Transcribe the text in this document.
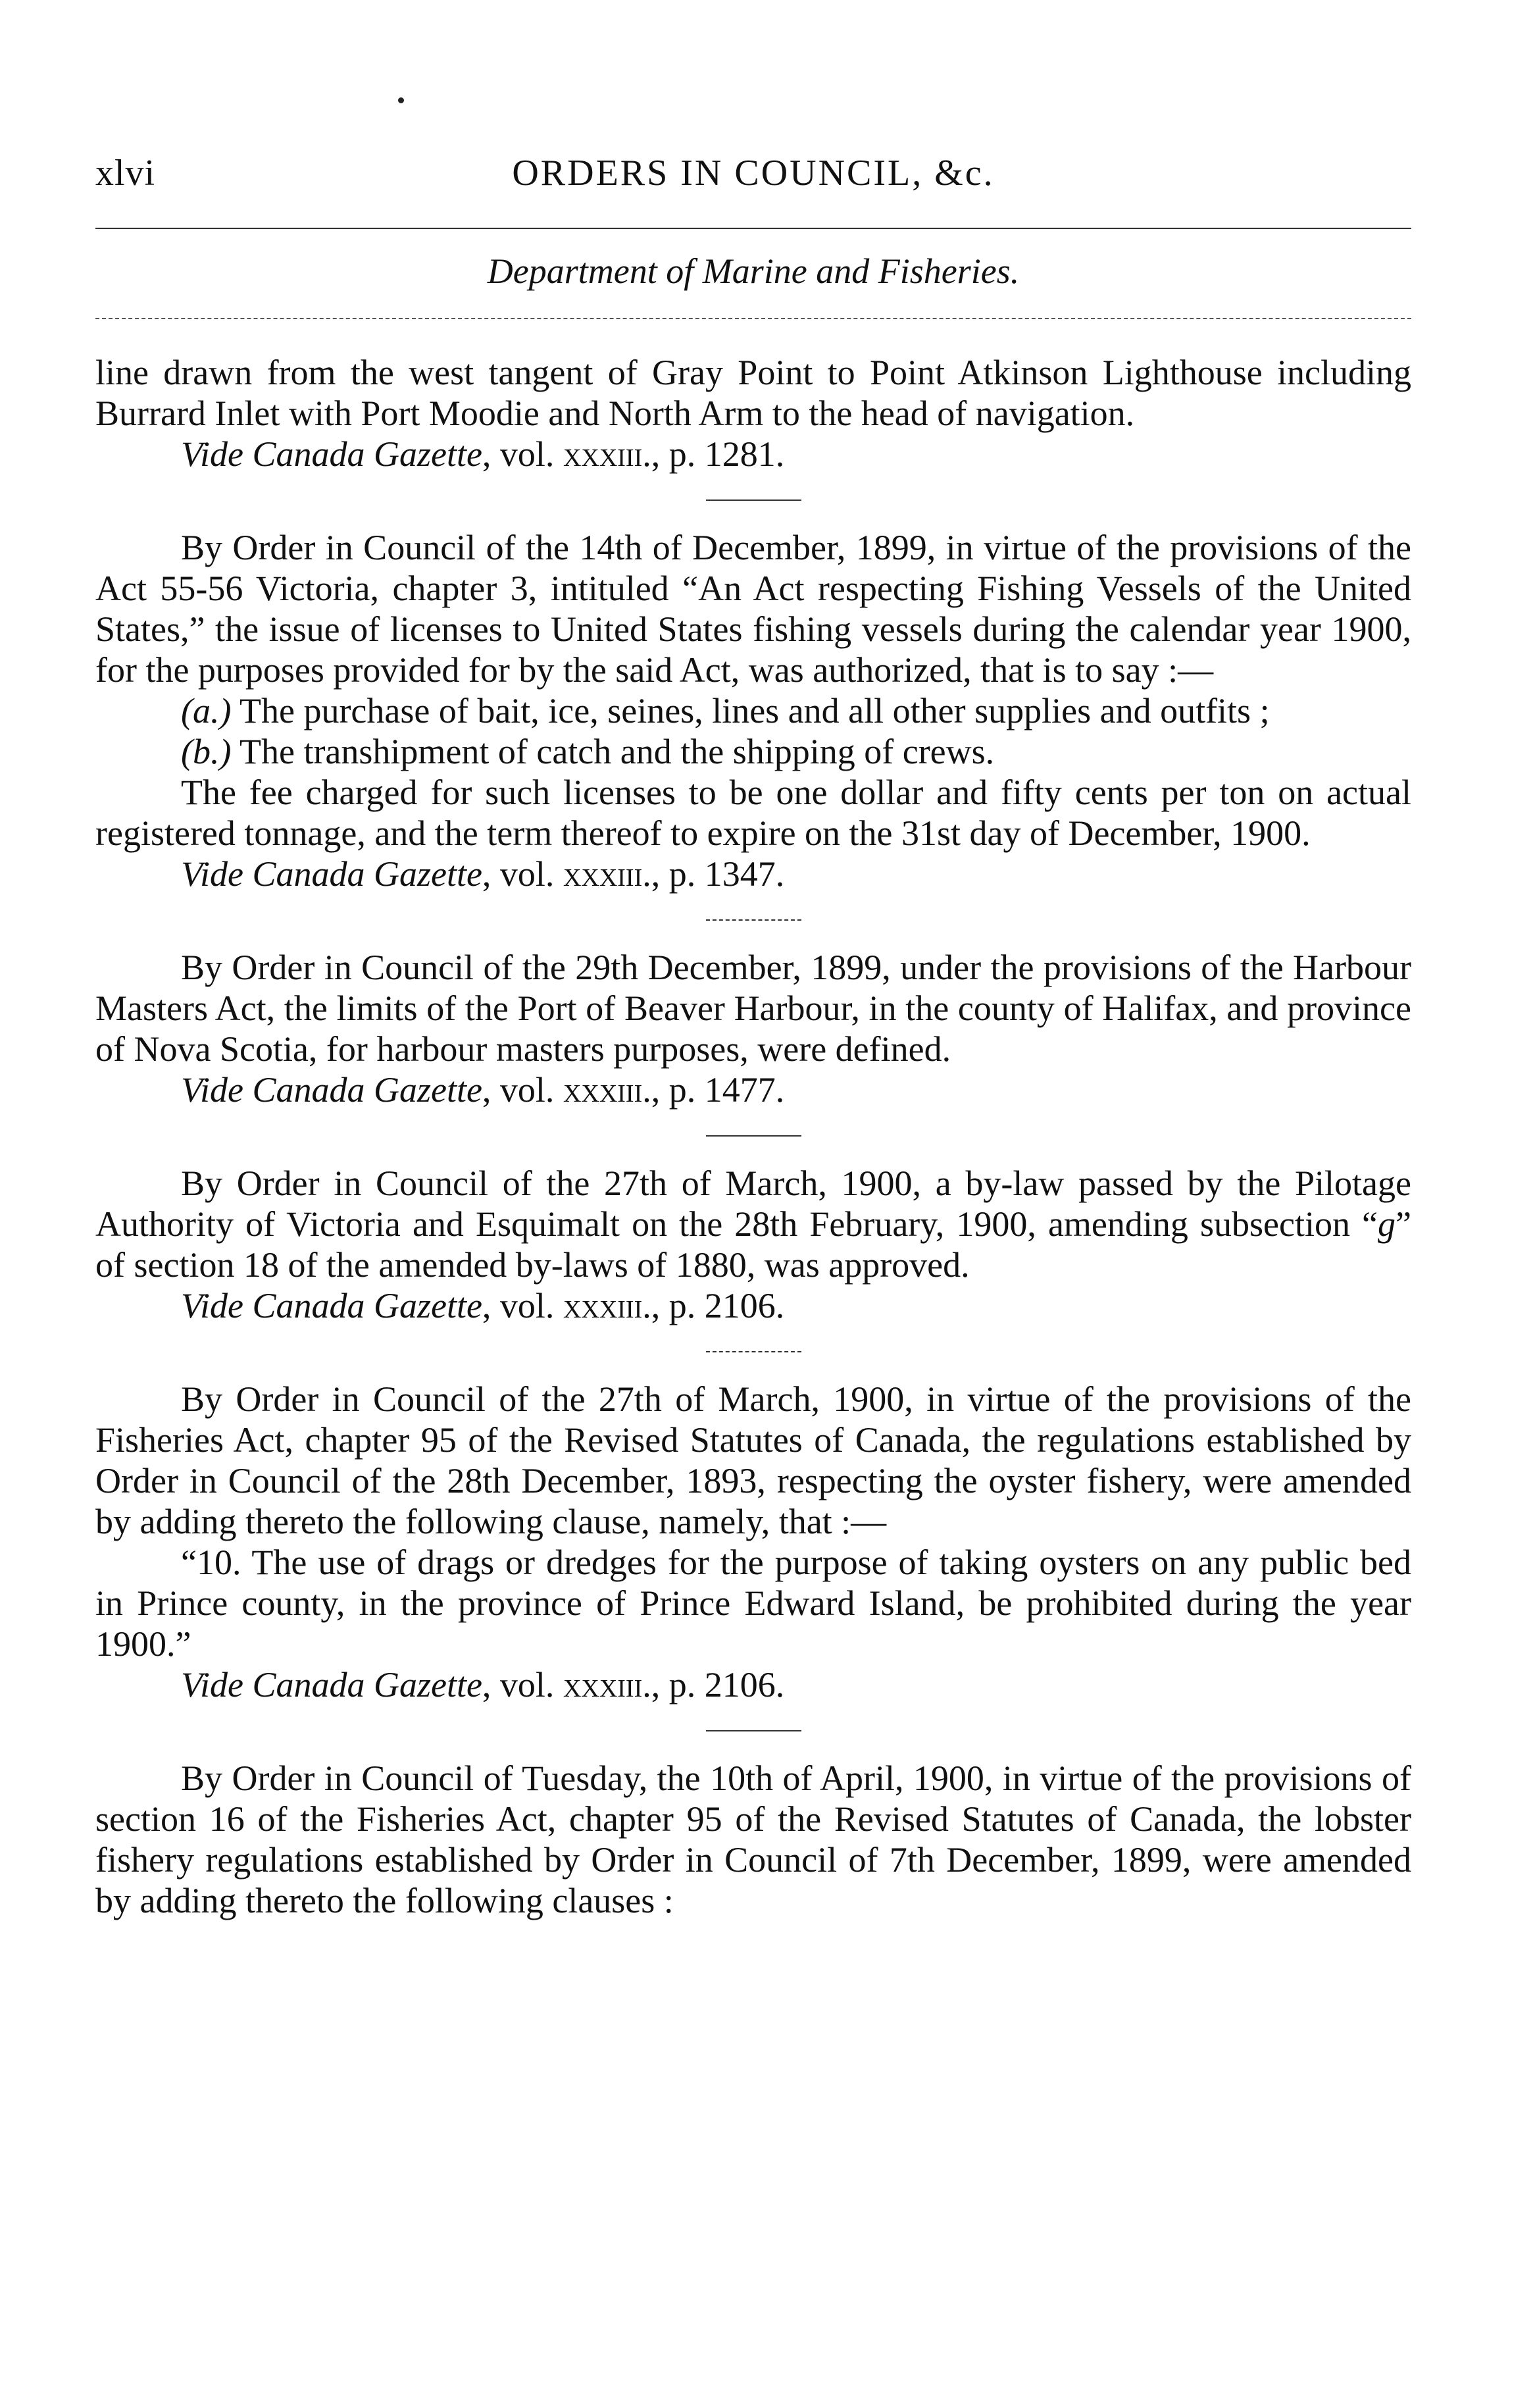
xlvi	ORDERS IN COUNCIL, &c.
Department of Marine and Fisheries.

line drawn from the west tangent of Gray Point to Point Atkinson Lighthouse including Burrard Inlet with Port Moodie and North Arm to the head of navigation.

Vide Canada Gazette, vol. xxxiii., p. 1281.

By Order in Council of the 14th of December, 1899, in virtue of the provisions of the Act 55-56 Victoria, chapter 3, intituled “An Act respecting Fishing Vessels of the United States,” the issue of licenses to United States fishing vessels during the calendar year 1900, for the purposes provided for by the said Act, was authorized, that is to say :—

(a.) The purchase of bait, ice, seines, lines and all other supplies and outfits ;

(b.) The transhipment of catch and the shipping of crews.

The fee charged for such licenses to be one dollar and fifty cents per ton on actual registered tonnage, and the term thereof to expire on the 31st day of December, 1900.

Vide Canada Gazette, vol. xxxiii., p. 1347.

By Order in Council of the 29th December, 1899, under the provisions of the Harbour Masters Act, the limits of the Port of Beaver Harbour, in the county of Halifax, and province of Nova Scotia, for harbour masters purposes, were defined.

Vide Canada Gazette, vol. xxxiii., p. 1477.

By Order in Council of the 27th of March, 1900, a by-law passed by the Pilotage Authority of Victoria and Esquimalt on the 28th February, 1900, amending subsection “g” of section 18 of the amended by-laws of 1880, was approved.

Vide Canada Gazette, vol. xxxiii., p. 2106.

By Order in Council of the 27th of March, 1900, in virtue of the provisions of the Fisheries Act, chapter 95 of the Revised Statutes of Canada, the regulations established by Order in Council of the 28th December, 1893, respecting the oyster fishery, were amended by adding thereto the following clause, namely, that :—

“10. The use of drags or dredges for the purpose of taking oysters on any public bed in Prince county, in the province of Prince Edward Island, be prohibited during the year 1900.”

Vide Canada Gazette, vol. xxxiii., p. 2106.

By Order in Council of Tuesday, the 10th of April, 1900, in virtue of the provisions of section 16 of the Fisheries Act, chapter 95 of the Revised Statutes of Canada, the lobster fishery regulations established by Order in Council of 7th December, 1899, were amended by adding thereto the following clauses :
